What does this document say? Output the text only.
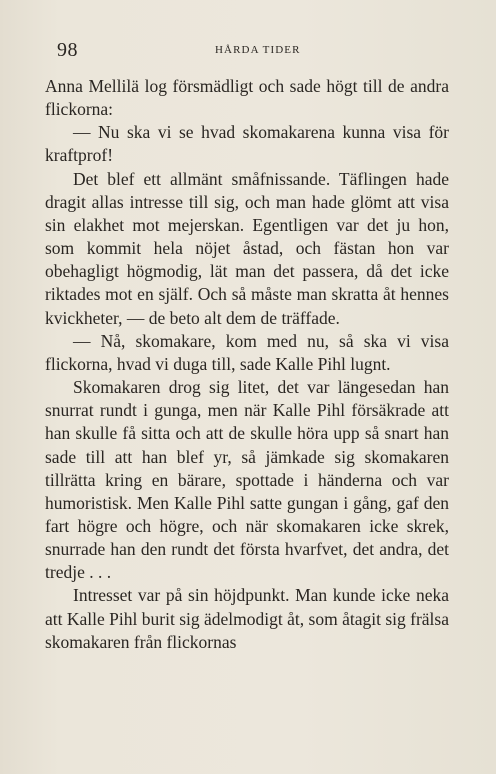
98	HÅRDA TIDER

Anna Mellilä log försmädligt och sade högt till de andra flickorna:

— Nu ska vi se hvad skomakarena kunna visa för kraftprof!

Det blef ett allmänt småfnissande. Täflingen hade dragit allas intresse till sig, och man hade glömt att visa sin elakhet mot mejerskan. Egentligen var det ju hon, som kommit hela nöjet åstad, och fästan hon var obehagligt högmodig, lät man det passera, då det icke riktades mot en själf. Och så måste man skratta åt hennes kvickheter, — de beto alt dem de träffade.

— Nå, skomakare, kom med nu, så ska vi visa flickorna, hvad vi duga till, sade Kalle Pihl lugnt.

Skomakaren drog sig litet, det var längesedan han snurrat rundt i gunga, men när Kalle Pihl försäkrade att han skulle få sitta och att de skulle höra upp så snart han sade till att han blef yr, så jämkade sig skomakaren tillrätta kring en bärare, spottade i händerna och var humoristisk. Men Kalle Pihl satte gungan i gång, gaf den fart högre och högre, och när skomakaren icke skrek, snurrade han den rundt det första hvarfvet, det andra, det tredje . . .

Intresset var på sin höjdpunkt. Man kunde icke neka att Kalle Pihl burit sig ädelmodigt åt, som åtagit sig frälsa skomakaren från flickornas
